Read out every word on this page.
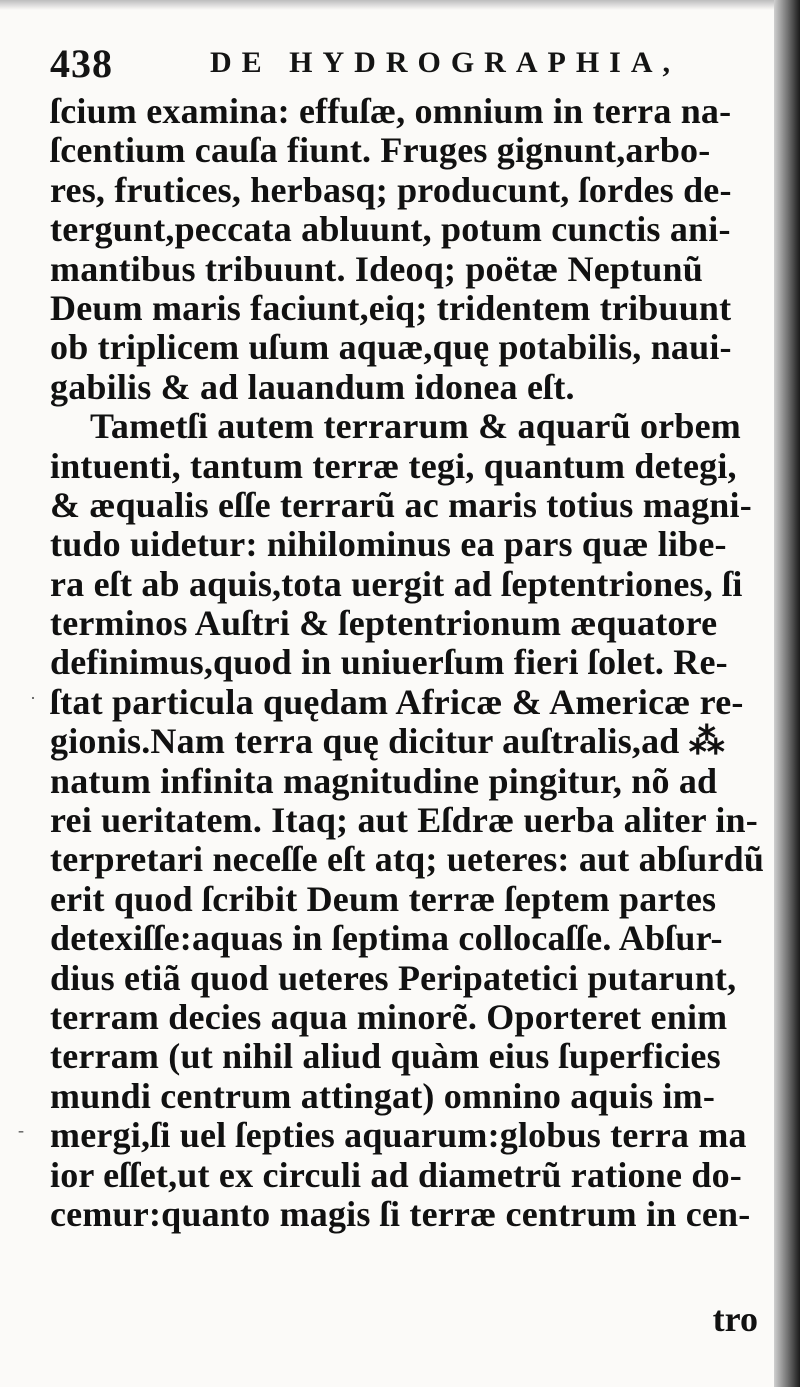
438	DE HYDROGRAPHIA,
ſcium examina: effuſæ, omnium in terra na-
ſcentium cauſa fiunt. Fruges gignunt,arbo-
res, frutices, herbasq; producunt, ſordes de-
tergunt,peccata abluunt, potum cunctis ani-
mantibus tribuunt. Ideoq; poëtæ Neptunũ
Deum maris faciunt,eiq; tridentem tribuunt
ob triplicem uſum aquæ,quę potabilis, naui-
gabilis & ad lauandum idonea eſt.
Tametſi autem terrarum & aquarũ orbem
intuenti, tantum terræ tegi, quantum detegi,
& æqualis eſſe terrarũ ac maris totius magni-
tudo uidetur: nihilominus ea pars quæ libe-
ra eſt ab aquis,tota uergit ad ſeptentriones, ſi
terminos Auſtri & ſeptentrionum æquatore
definimus,quod in uniuerſum fieri ſolet. Re-
ſtat particula quędam Africæ & Americæ re-
gionis.Nam terra quę dicitur auſtralis,ad ⁂
natum infinita magnitudine pingitur, nõ ad
rei ueritatem. Itaq; aut Eſdræ uerba aliter in-
terpretari neceſſe eſt atq; ueteres: aut abſurdũ
erit quod ſcribit Deum terræ ſeptem partes
detexiſſe:aquas in ſeptima collocaſſe. Abſur-
dius etiã quod ueteres Peripatetici putarunt,
terram decies aqua minorẽ. Oporteret enim
terram (ut nihil aliud quàm eius ſuperficies
mundi centrum attingat) omnino aquis im-
mergi,ſi uel ſepties aquarum:globus terra ma
ior eſſet,ut ex circuli ad diametrũ ratione do-
cemur:quanto magis ſi terræ centrum in cen-
tro
-
·
